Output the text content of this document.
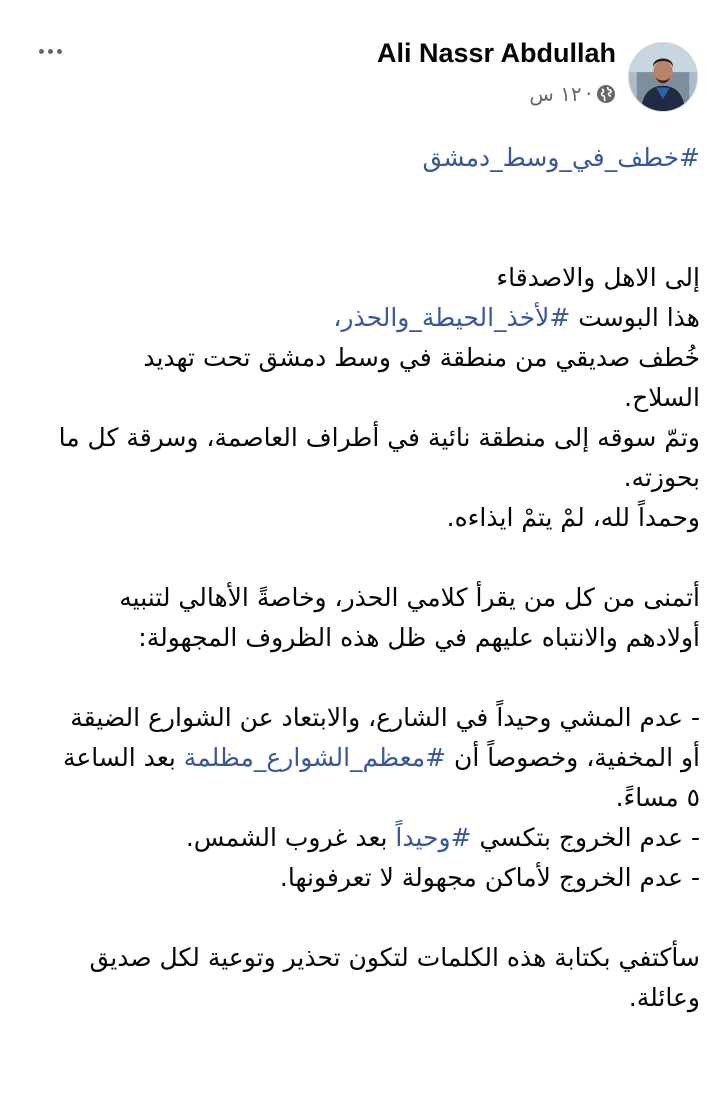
Ali Nassr Abdullah
١٢ س ·
#خطف_في_وسط_دمشق
إلى الاهل والاصدقاء
هذا البوست #لأخذ_الحيطة_والحذر،
خُطف صديقي من منطقة في وسط دمشق تحت تهديد
السلاح.
وتمّ سوقه إلى منطقة نائية في أطراف العاصمة، وسرقة كل ما
بحوزته.
وحمداً لله، لمْ يتمْ ايذاءه.
أتمنى من كل من يقرأ كلامي الحذر، وخاصةً الأهالي لتنبيه
أولادهم والانتباه عليهم في ظل هذه الظروف المجهولة:
- عدم المشي وحيداً في الشارع، والابتعاد عن الشوارع الضيقة
أو المخفية، وخصوصاً أن #معظم_الشوارع_مظلمة بعد الساعة
٥ مساءً.
- عدم الخروج بتكسي #وحيداً بعد غروب الشمس.
- عدم الخروج لأماكن مجهولة لا تعرفونها.
سأكتفي بكتابة هذه الكلمات لتكون تحذير وتوعية لكل صديق
وعائلة.
